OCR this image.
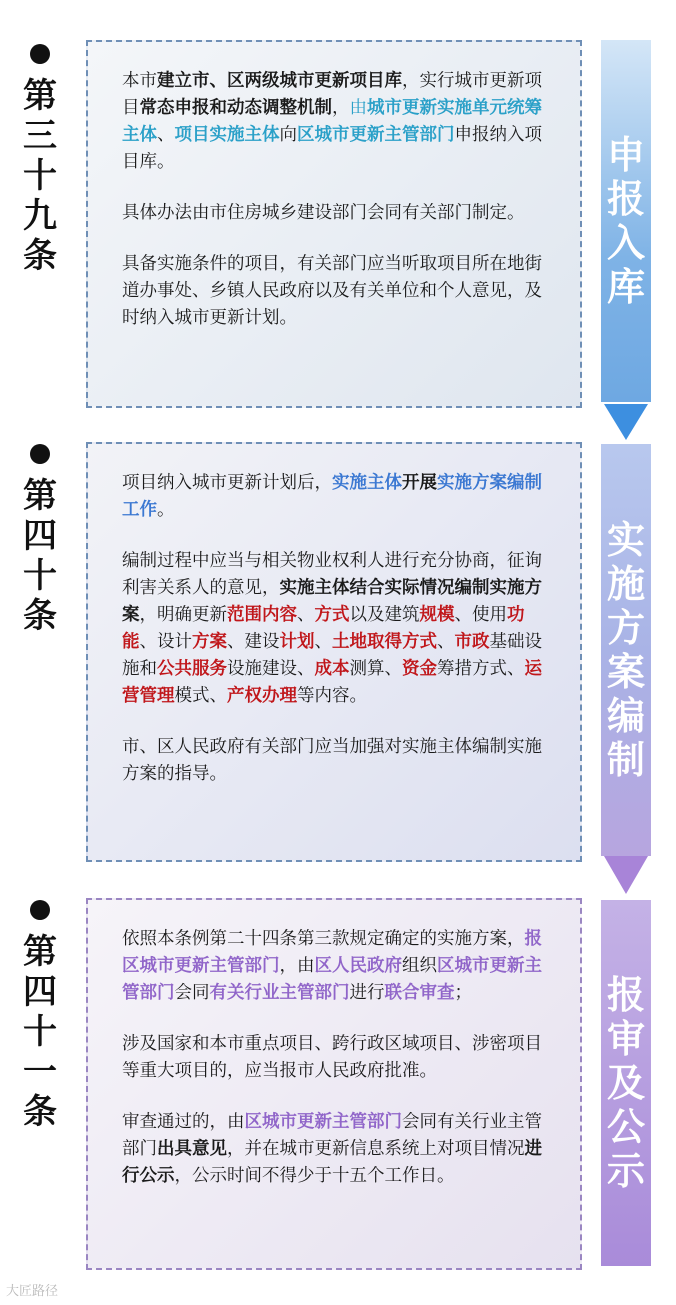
第
三
十
九
条

本市建立市、区两级城市更新项目库，实行城市更新项目常态申报和动态调整机制，由城市更新实施单元统筹主体、项目实施主体向区城市更新主管部门申报纳入项目库。

具体办法由市住房城乡建设部门会同有关部门制定。

具备实施条件的项目，有关部门应当听取项目所在地街道办事处、乡镇人民政府以及有关单位和个人意见，及时纳入城市更新计划。

申
报
入
库
第
四
十
条

项目纳入城市更新计划后，实施主体开展实施方案编制工作。

编制过程中应当与相关物业权利人进行充分协商，征询利害关系人的意见，实施主体结合实际情况编制实施方案，明确更新范围内容、方式以及建筑规模、使用功能、设计方案、建设计划、土地取得方式、市政基础设施和公共服务设施建设、成本测算、资金筹措方式、运营管理模式、产权办理等内容。

市、区人民政府有关部门应当加强对实施主体编制实施方案的指导。

实
施
方
案
编
制
第
四
十
一
条

依照本条例第二十四条第三款规定确定的实施方案，报区城市更新主管部门，由区人民政府组织区城市更新主管部门会同有关行业主管部门进行联合审查；

涉及国家和本市重点项目、跨行政区域项目、涉密项目等重大项目的，应当报市人民政府批准。

审查通过的，由区城市更新主管部门会同有关行业主管部门出具意见，并在城市更新信息系统上对项目情况进行公示，公示时间不得少于十五个工作日。

报
审
及
公
示
大匠路径
